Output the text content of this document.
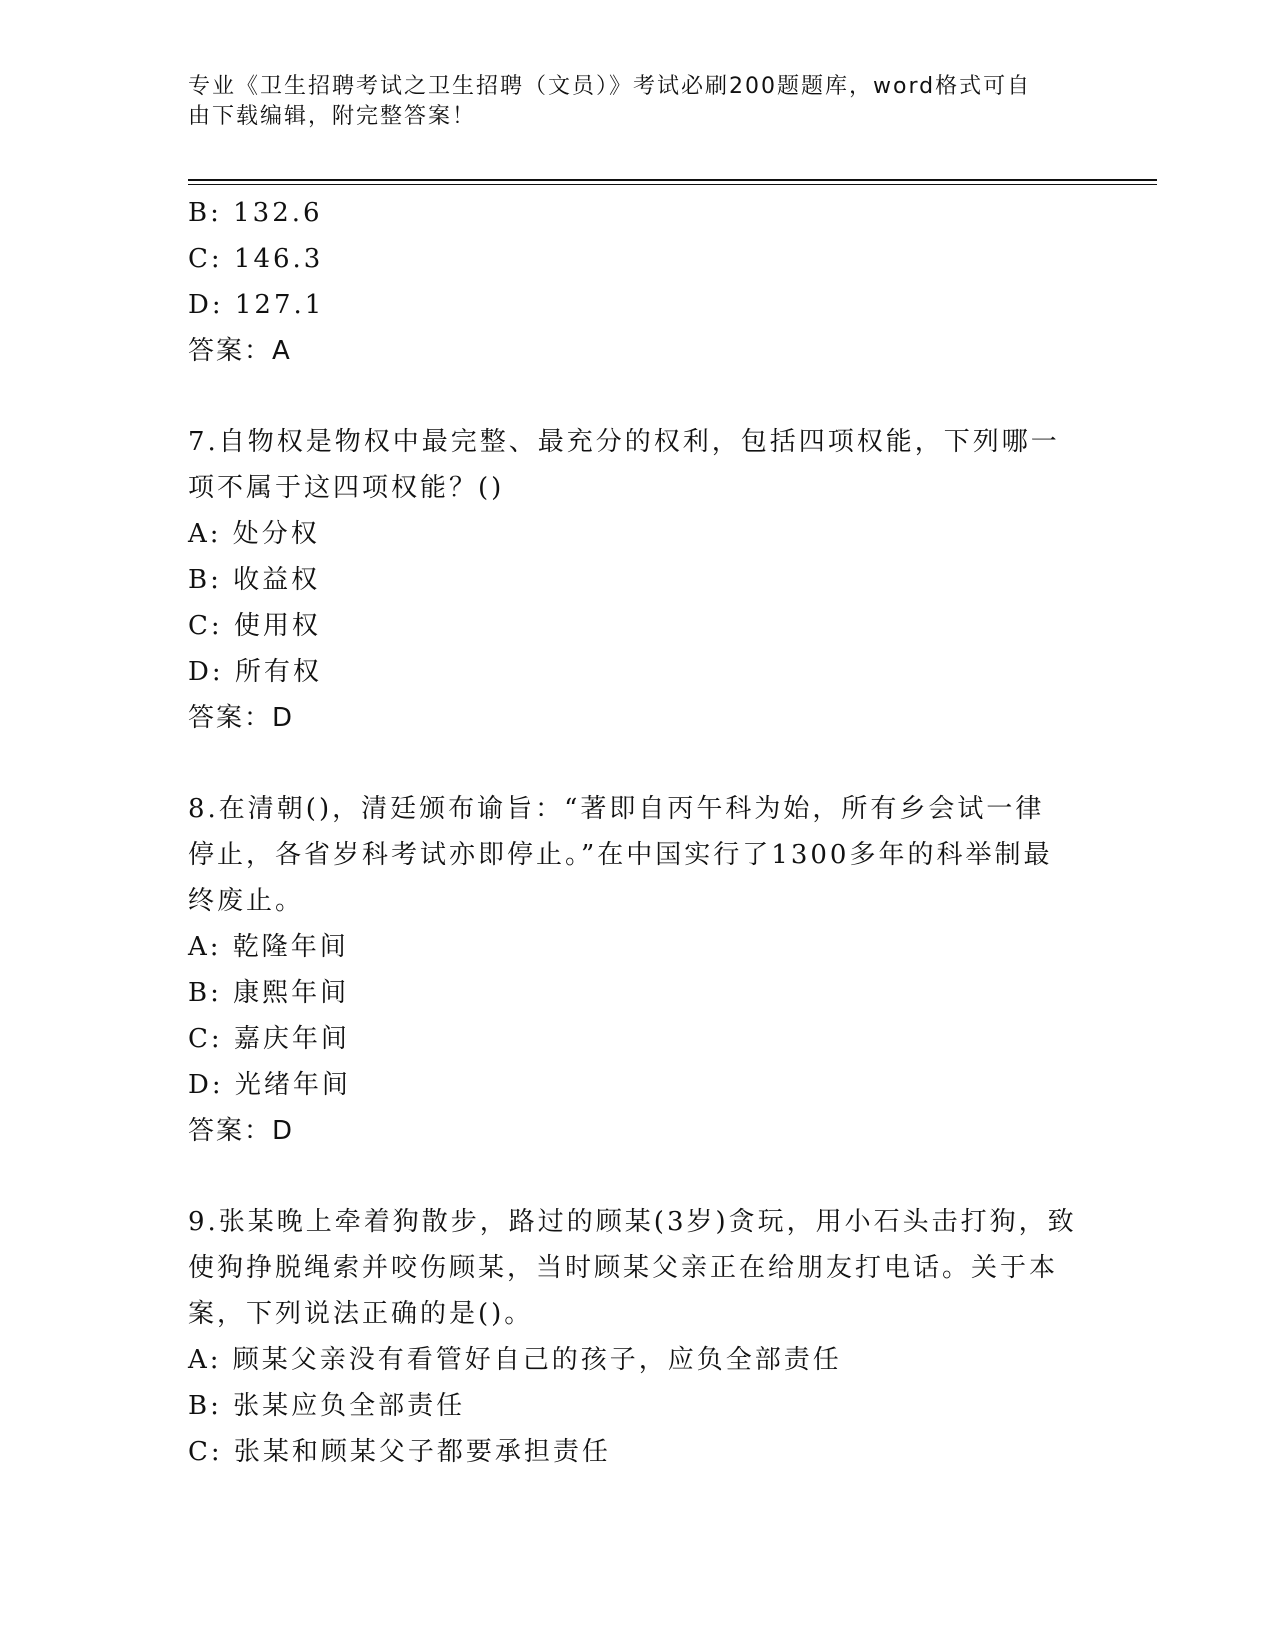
专业《卫生招聘考试之卫生招聘（文员）》考试必刷200题题库，word格式可自
由下载编辑，附完整答案！
B: 132.6
C: 146.3
D: 127.1
答案：A
7.自物权是物权中最完整、最充分的权利，包括四项权能，下列哪一
项不属于这四项权能？()
A: 处分权
B: 收益权
C: 使用权
D: 所有权
答案：D
8.在清朝()，清廷颁布谕旨：“著即自丙午科为始，所有乡会试一律
停止，各省岁科考试亦即停止。”在中国实行了1300多年的科举制最
终废止。
A: 乾隆年间
B: 康熙年间
C: 嘉庆年间
D: 光绪年间
答案：D
9.张某晚上牵着狗散步，路过的顾某(3岁)贪玩，用小石头击打狗，致
使狗挣脱绳索并咬伤顾某，当时顾某父亲正在给朋友打电话。关于本
案，下列说法正确的是()。
A: 顾某父亲没有看管好自己的孩子，应负全部责任
B: 张某应负全部责任
C: 张某和顾某父子都要承担责任
